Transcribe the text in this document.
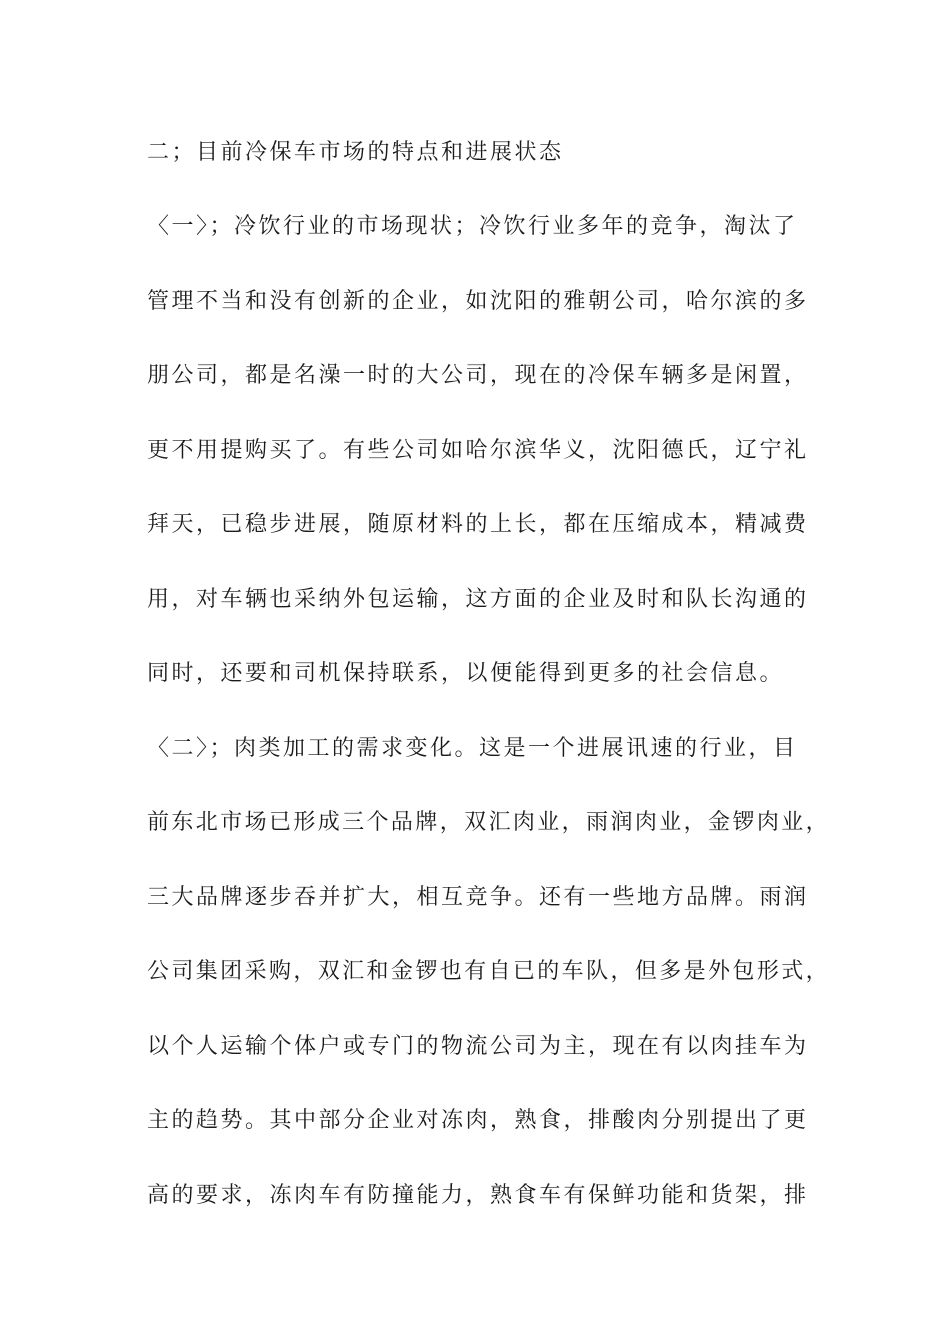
二；目前冷保车市场的特点和进展状态
〈一〉；冷饮行业的市场现状；冷饮行业多年的竞争，淘汰了
管理不当和没有创新的企业，如沈阳的雅朝公司，哈尔滨的多
朋公司，都是名澡一时的大公司，现在的冷保车辆多是闲置，
更不用提购买了。有些公司如哈尔滨华义，沈阳德氏，辽宁礼
拜天，已稳步进展，随原材料的上长，都在压缩成本，精减费
用，对车辆也采纳外包运输，这方面的企业及时和队长沟通的
同时，还要和司机保持联系，以便能得到更多的社会信息。
〈二〉；肉类加工的需求变化。这是一个进展讯速的行业，目
前东北市场已形成三个品牌，双汇肉业，雨润肉业，金锣肉业，
三大品牌逐步吞并扩大，相互竞争。还有一些地方品牌。雨润
公司集团采购，双汇和金锣也有自已的车队，但多是外包形式，
以个人运输个体户或专门的物流公司为主，现在有以肉挂车为
主的趋势。其中部分企业对冻肉，熟食，排酸肉分别提出了更
高的要求，冻肉车有防撞能力，熟食车有保鲜功能和货架，排
